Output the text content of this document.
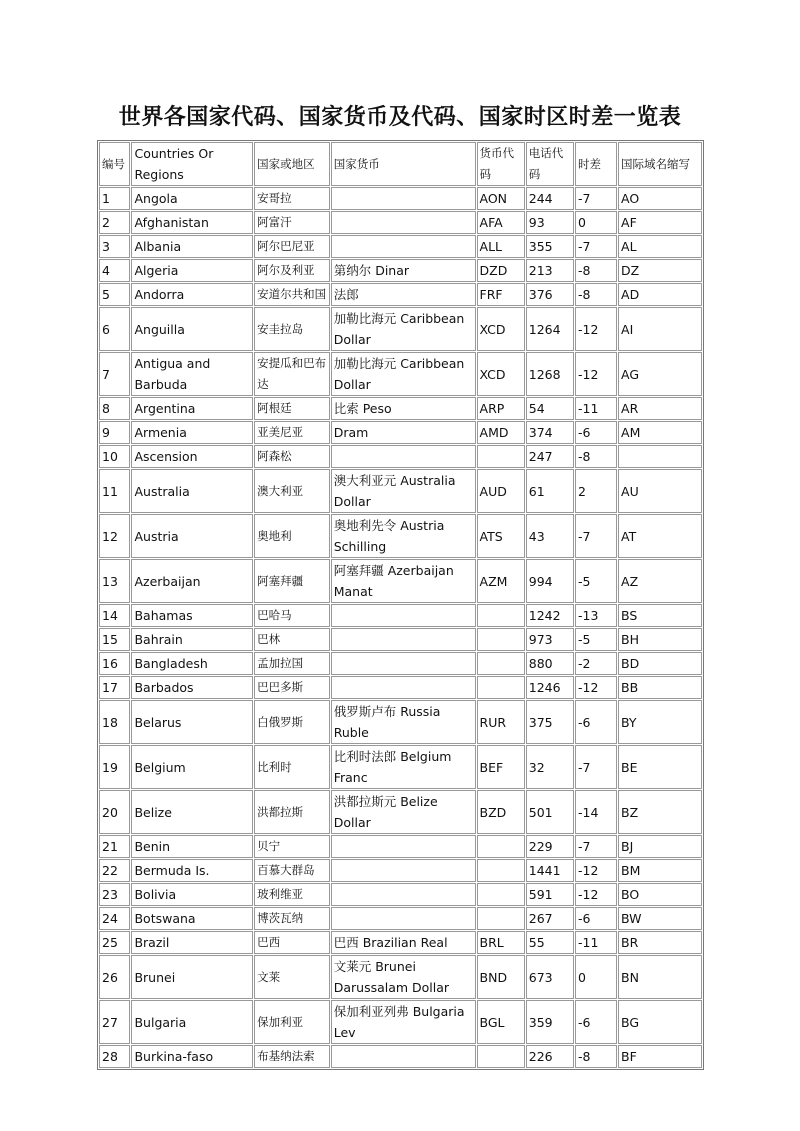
世界各国家代码、国家货币及代码、国家时区时差一览表
编号	Countries Or Regions	国家或地区	国家货币	货币代码	电话代码	时差	国际域名缩写
1	Angola	安哥拉		AON	244	-7	AO
2	Afghanistan	阿富汗		AFA	93	0	AF
3	Albania	阿尔巴尼亚		ALL	355	-7	AL
4	Algeria	阿尔及利亚	第纳尔 Dinar	DZD	213	-8	DZ
5	Andorra	安道尔共和国	法郎	FRF	376	-8	AD
6	Anguilla	安圭拉岛	加勒比海元 Caribbean Dollar	XCD	1264	-12	AI
7	Antigua and Barbuda	安提瓜和巴布达	加勒比海元 Caribbean Dollar	XCD	1268	-12	AG
8	Argentina	阿根廷	比索 Peso	ARP	54	-11	AR
9	Armenia	亚美尼亚	Dram	AMD	374	-6	AM
10	Ascension	阿森松			247	-8	
11	Australia	澳大利亚	澳大利亚元 Australia Dollar	AUD	61	2	AU
12	Austria	奥地利	奥地利先令 Austria Schilling	ATS	43	-7	AT
13	Azerbaijan	阿塞拜疆	阿塞拜疆 Azerbaijan Manat	AZM	994	-5	AZ
14	Bahamas	巴哈马			1242	-13	BS
15	Bahrain	巴林			973	-5	BH
16	Bangladesh	孟加拉国			880	-2	BD
17	Barbados	巴巴多斯			1246	-12	BB
18	Belarus	白俄罗斯	俄罗斯卢布 Russia Ruble	RUR	375	-6	BY
19	Belgium	比利时	比利时法郎 Belgium Franc	BEF	32	-7	BE
20	Belize	洪都拉斯	洪都拉斯元 Belize Dollar	BZD	501	-14	BZ
21	Benin	贝宁			229	-7	BJ
22	Bermuda Is.	百慕大群岛			1441	-12	BM
23	Bolivia	玻利维亚			591	-12	BO
24	Botswana	博茨瓦纳			267	-6	BW
25	Brazil	巴西	巴西 Brazilian Real	BRL	55	-11	BR
26	Brunei	文莱	文莱元 Brunei Darussalam Dollar	BND	673	0	BN
27	Bulgaria	保加利亚	保加利亚列弗 Bulgaria Lev	BGL	359	-6	BG
28	Burkina-faso	布基纳法索			226	-8	BF
